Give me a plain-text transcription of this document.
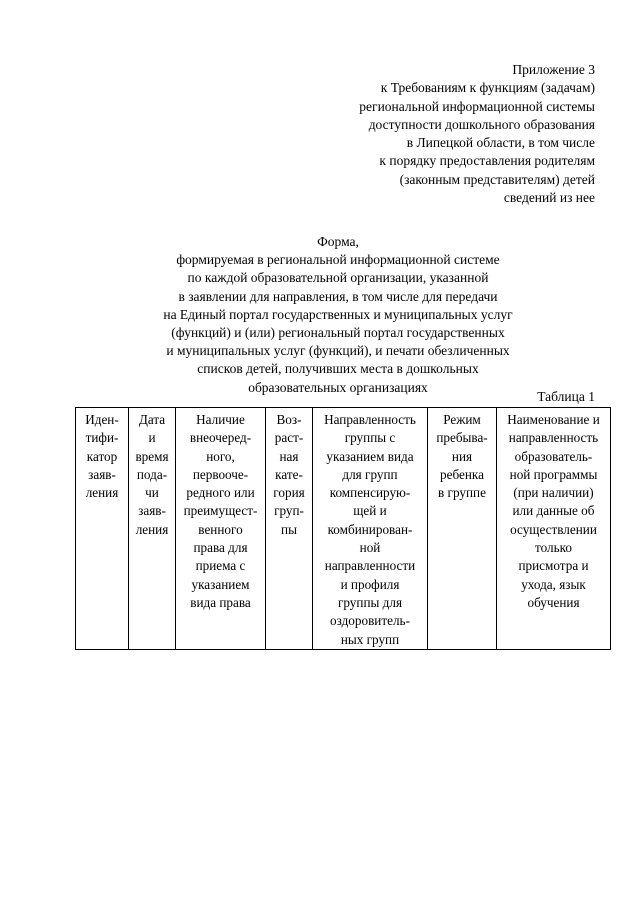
Приложение 3
к Требованиям к функциям (задачам)
региональной информационной системы
доступности дошкольного образования
в Липецкой области, в том числе
к порядку предоставления родителям
(законным представителям) детей
сведений из нее
Форма,
формируемая в региональной информационной системе
по каждой образовательной организации, указанной
в заявлении для направления, в том числе для передачи
на Единый портал государственных и муниципальных услуг
(функций) и (или) региональный портал государственных
и муниципальных услуг (функций), и печати обезличенных
списков детей, получивших места в дошкольных
образовательных организациях
Таблица 1
Иден-
тифи-
катор
заяв-
ления

Дата
и
время
пода-
чи
заяв-
ления

Наличие
внеочеред-
ного,
первооче-
редного или
преимущест-
венного
права для
приема с
указанием
вида права

Воз-
раст-
ная
кате-
гория
груп-
пы

Направленность
группы с
указанием вида
для групп
компенсирую-
щей и
комбинирован-
ной
направленности
и профиля
группы для
оздоровитель-
ных групп

Режим
пребыва-
ния
ребенка
в группе

Наименование и
направленность
образователь-
ной программы
(при наличии)
или данные об
осуществлении
только
присмотра и
ухода, язык
обучения
